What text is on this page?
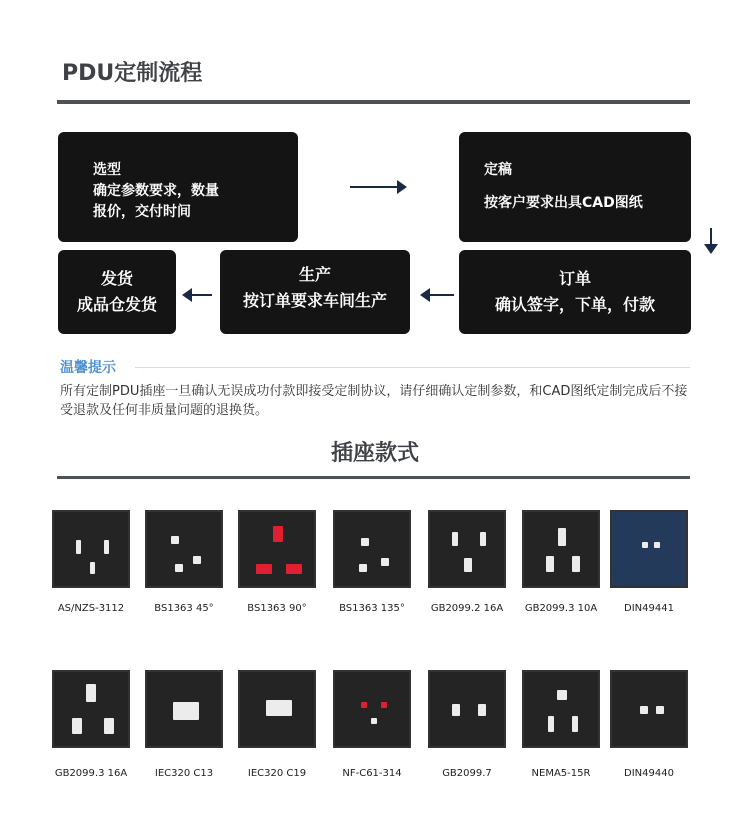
PDU定制流程
选型
确定参数要求，数量
报价，交付时间
定稿
按客户要求出具CAD图纸
订单
确认签字，下单，付款
生产
按订单要求车间生产
发货
成品仓发货
温馨提示
所有定制PDU插座一旦确认无误成功付款即接受定制协议，请仔细确认定制参数，和CAD图纸定制完成后不接受退款及任何非质量问题的退换货。
插座款式
AS/NZS-3112	BS1363 45°	BS1363 90°	BS1363 135°	GB2099.2 16A	GB2099.3 10A	DIN49441
GB2099.3 16A	IEC320 C13	IEC320 C19	NF-C61-314	GB2099.7	NEMA5-15R	DIN49440
